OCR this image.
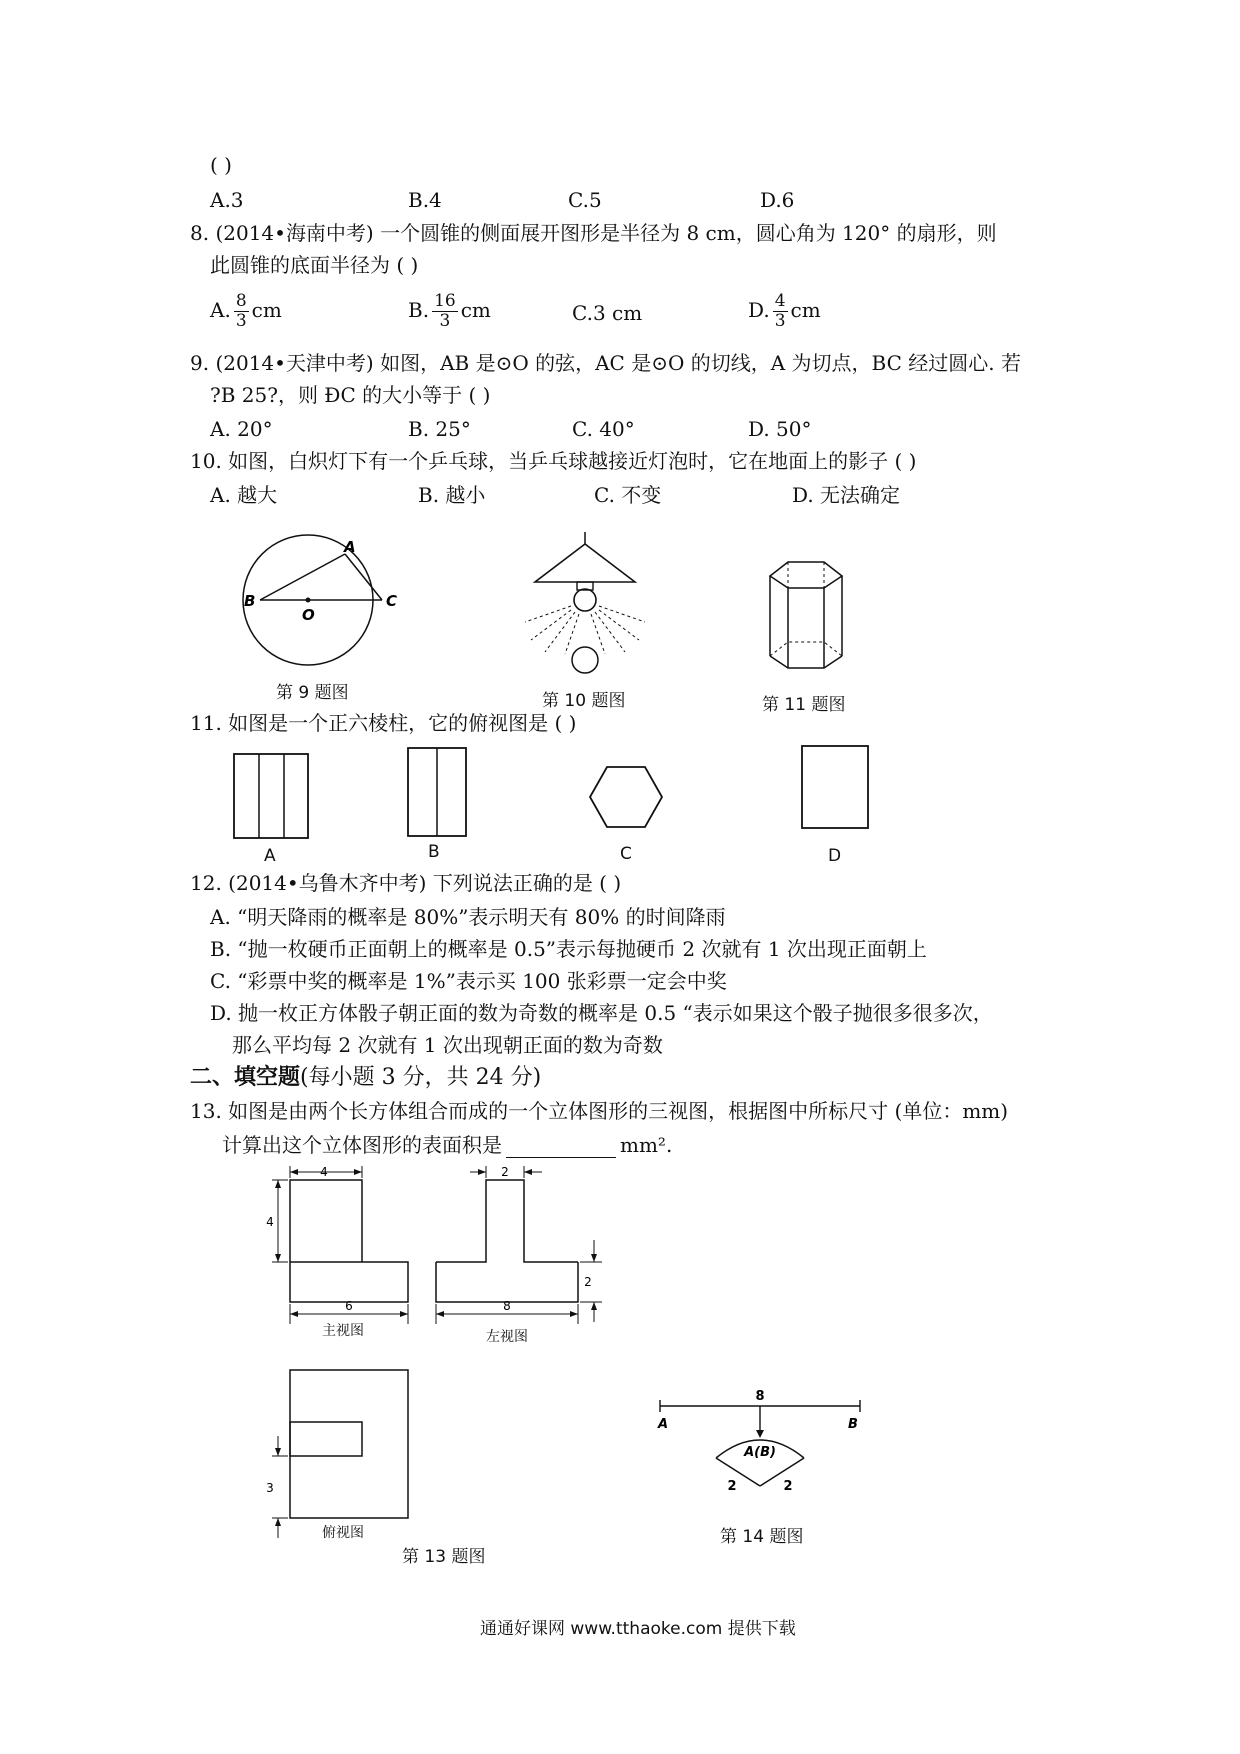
( )
A.3	B.4	C.5	D.6
8. (2014•海南中考) 一个圆锥的侧面展开图形是半径为 8 cm，圆心角为 120° 的扇形，则
此圆锥的底面半径为 ( )
A. $\frac{8}{3}$ cm	B. $\frac{16}{3}$ cm	C.3 cm	D. $\frac{4}{3}$ cm
9. (2014•天津中考) 如图，AB 是⊙O 的弦，AC 是⊙O 的切线，A 为切点，BC 经过圆心. 若
?B 25?，则 ÐC 的大小等于 ( )
A. 20°	B. 25°	C. 40°	D. 50°
10. 如图，白炽灯下有一个乒乓球，当乒乓球越接近灯泡时，它在地面上的影子 ( )
A. 越大	B. 越小	C. 不变	D. 无法确定
A
B
O
C
第 9 题图	第 10 题图	第 11 题图
11. 如图是一个正六棱柱，它的俯视图是 ( )
A	B	C	D
12. (2014•乌鲁木齐中考) 下列说法正确的是 ( )
A. “明天降雨的概率是 80%”表示明天有 80% 的时间降雨
B. “抛一枚硬币正面朝上的概率是 0.5”表示每抛硬币 2 次就有 1 次出现正面朝上
C. “彩票中奖的概率是 1%”表示买 100 张彩票一定会中奖
D. 抛一枚正方体骰子朝正面的数为奇数的概率是 0.5 “表示如果这个骰子抛很多很多次，
那么平均每 2 次就有 1 次出现朝正面的数为奇数
二、填空题(每小题 3 分，共 24 分)
13. 如图是由两个长方体组合而成的一个立体图形的三视图，根据图中所标尺寸 (单位：mm)
计算出这个立体图形的表面积是	mm².
4
4
6
主视图
2
2
8
左视图
3
俯视图
第 13 题图
8
A	B
A(B)
2	2
第 14 题图
通通好课网 www.tthaoke.com 提供下载
